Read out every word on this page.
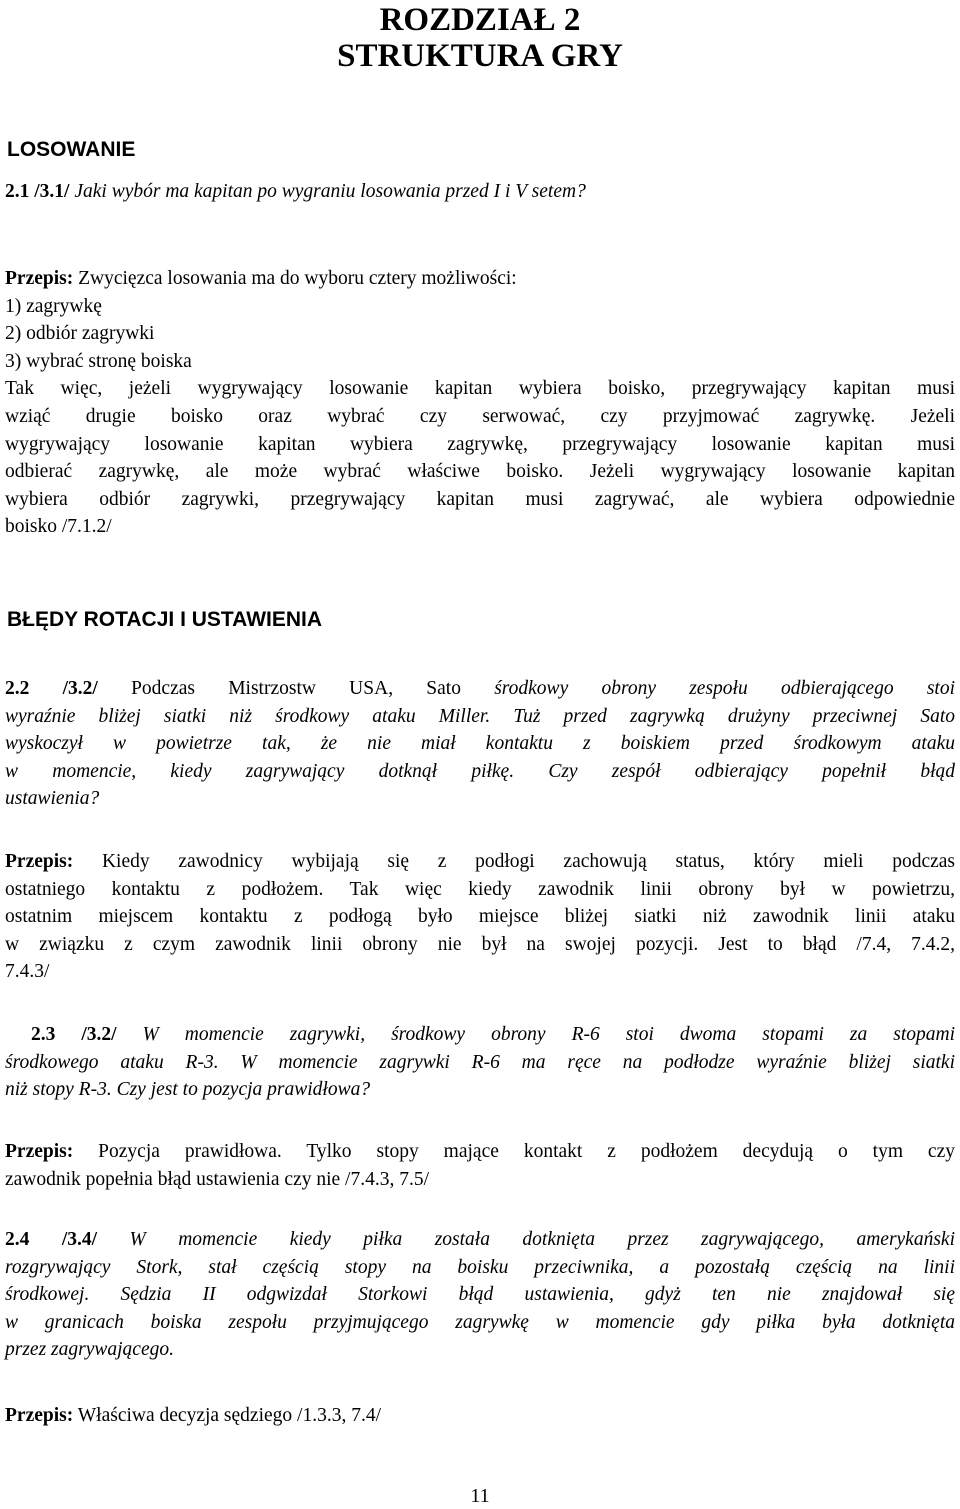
ROZDZIAŁ 2
STRUKTURA GRY
LOSOWANIE
2.1 /3.1/ Jaki wybór ma kapitan po wygraniu losowania przed I i V setem?
Przepis: Zwycięzca losowania ma do wyboru cztery możliwości:
1) zagrywkę
2) odbiór zagrywki
3) wybrać stronę boiska
Tak więc, jeżeli wygrywający losowanie kapitan wybiera boisko, przegrywający kapitan musi
wziąć drugie boisko oraz wybrać czy serwować, czy przyjmować zagrywkę. Jeżeli
wygrywający losowanie kapitan wybiera zagrywkę, przegrywający losowanie kapitan musi
odbierać zagrywkę, ale może wybrać właściwe boisko. Jeżeli wygrywający losowanie kapitan
wybiera odbiór zagrywki, przegrywający kapitan musi zagrywać, ale wybiera odpowiednie
boisko /7.1.2/
BŁĘDY ROTACJI I USTAWIENIA
2.2 /3.2/ Podczas Mistrzostw USA, Sato środkowy obrony zespołu odbierającego stoi
wyraźnie bliżej siatki niż środkowy ataku Miller. Tuż przed zagrywką drużyny przeciwnej Sato
wyskoczył w powietrze tak, że nie miał kontaktu z boiskiem przed środkowym ataku
w momencie, kiedy zagrywający dotknął piłkę. Czy zespół odbierający popełnił błąd
ustawienia?
Przepis: Kiedy zawodnicy wybijają się z podłogi zachowują status, który mieli podczas
ostatniego kontaktu z podłożem. Tak więc kiedy zawodnik linii obrony był w powietrzu,
ostatnim miejscem kontaktu z podłogą było miejsce bliżej siatki niż zawodnik linii ataku
w związku z czym zawodnik linii obrony nie był na swojej pozycji. Jest to błąd /7.4, 7.4.2,
7.4.3/
2.3 /3.2/ W momencie zagrywki, środkowy obrony R-6 stoi dwoma stopami za stopami
środkowego ataku R-3. W momencie zagrywki R-6 ma ręce na podłodze wyraźnie bliżej siatki
niż stopy R-3. Czy jest to pozycja prawidłowa?
Przepis: Pozycja prawidłowa. Tylko stopy mające kontakt z podłożem decydują o tym czy
zawodnik popełnia błąd ustawienia czy nie /7.4.3, 7.5/
2.4 /3.4/ W momencie kiedy piłka została dotknięta przez zagrywającego, amerykański
rozgrywający Stork, stał częścią stopy na boisku przeciwnika, a pozostałą częścią na linii
środkowej. Sędzia II odgwizdał Storkowi błąd ustawienia, gdyż ten nie znajdował się
w granicach boiska zespołu przyjmującego zagrywkę w momencie gdy piłka była dotknięta
przez zagrywającego.
Przepis: Właściwa decyzja sędziego /1.3.3, 7.4/
11
